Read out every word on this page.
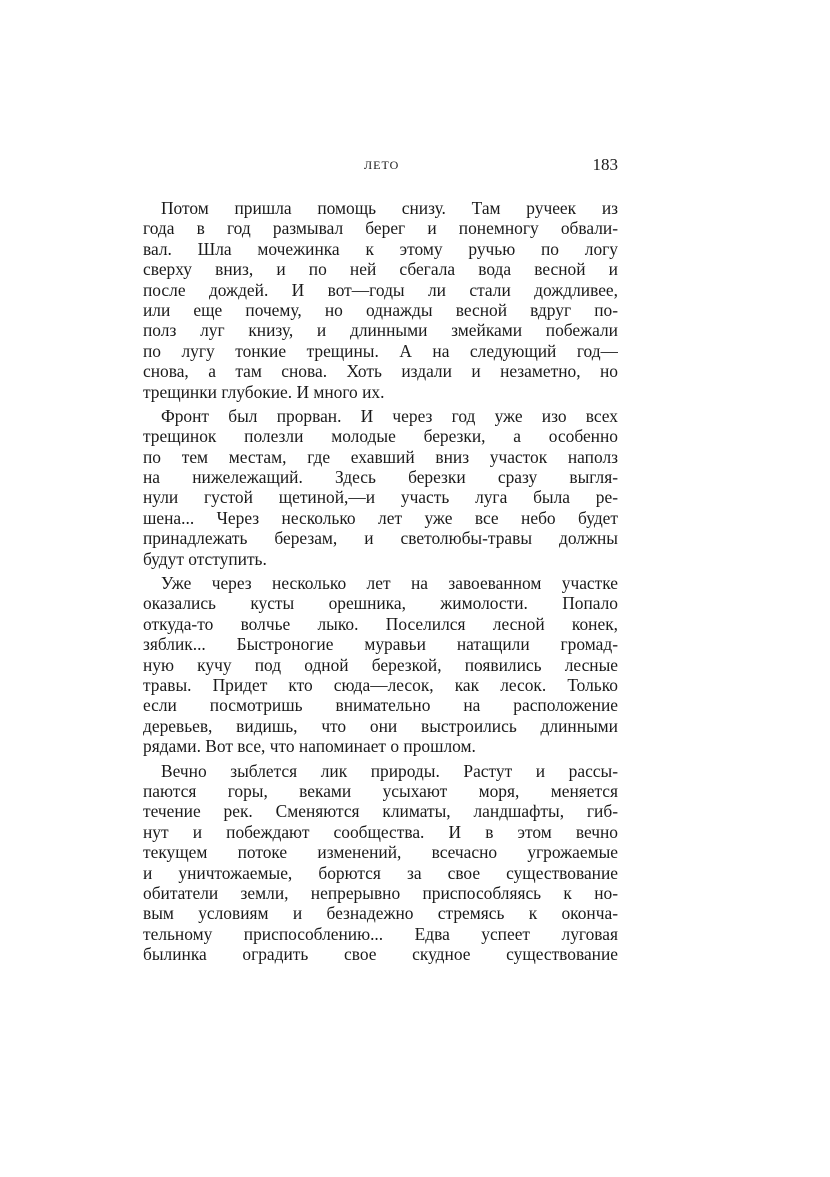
ЛЕТО	183
Потом пришла помощь снизу. Там ручеек из
года в год размывал берег и понемногу обвали-
вал. Шла мочежинка к этому ручью по логу
сверху вниз, и по ней сбегала вода весной и
после дождей. И вот—годы ли стали дождливее,
или еще почему, но однажды весной вдруг по-
полз луг книзу, и длинными змейками побежали
по лугу тонкие трещины. А на следующий год—
снова, а там снова. Хоть издали и незаметно, но
трещинки глубокие. И много их.
Фронт был прорван. И через год уже изо всех
трещинок полезли молодые березки, а особенно
по тем местам, где ехавший вниз участок наполз
на нижележащий. Здесь березки сразу выгля-
нули густой щетиной,—и участь луга была ре-
шена... Через несколько лет уже все небо будет
принадлежать березам, и светолюбы-травы должны
будут отступить.
Уже через несколько лет на завоеванном участке
оказались кусты орешника, жимолости. Попало
откуда-то волчье лыко. Поселился лесной конек,
зяблик... Быстроногие муравьи натащили громад-
ную кучу под одной березкой, появились лесные
травы. Придет кто сюда—лесок, как лесок. Только
если посмотришь внимательно на расположение
деревьев, видишь, что они выстроились длинными
рядами. Вот все, что напоминает о прошлом.
Вечно зыблется лик природы. Растут и рассы-
паются горы, веками усыхают моря, меняется
течение рек. Сменяются климаты, ландшафты, гиб-
нут и побеждают сообщества. И в этом вечно
текущем потоке изменений, всечасно угрожаемые
и уничтожаемые, борются за свое существование
обитатели земли, непрерывно приспособляясь к но-
вым условиям и безнадежно стремясь к оконча-
тельному приспособлению... Едва успеет луговая
былинка оградить свое скудное существование
